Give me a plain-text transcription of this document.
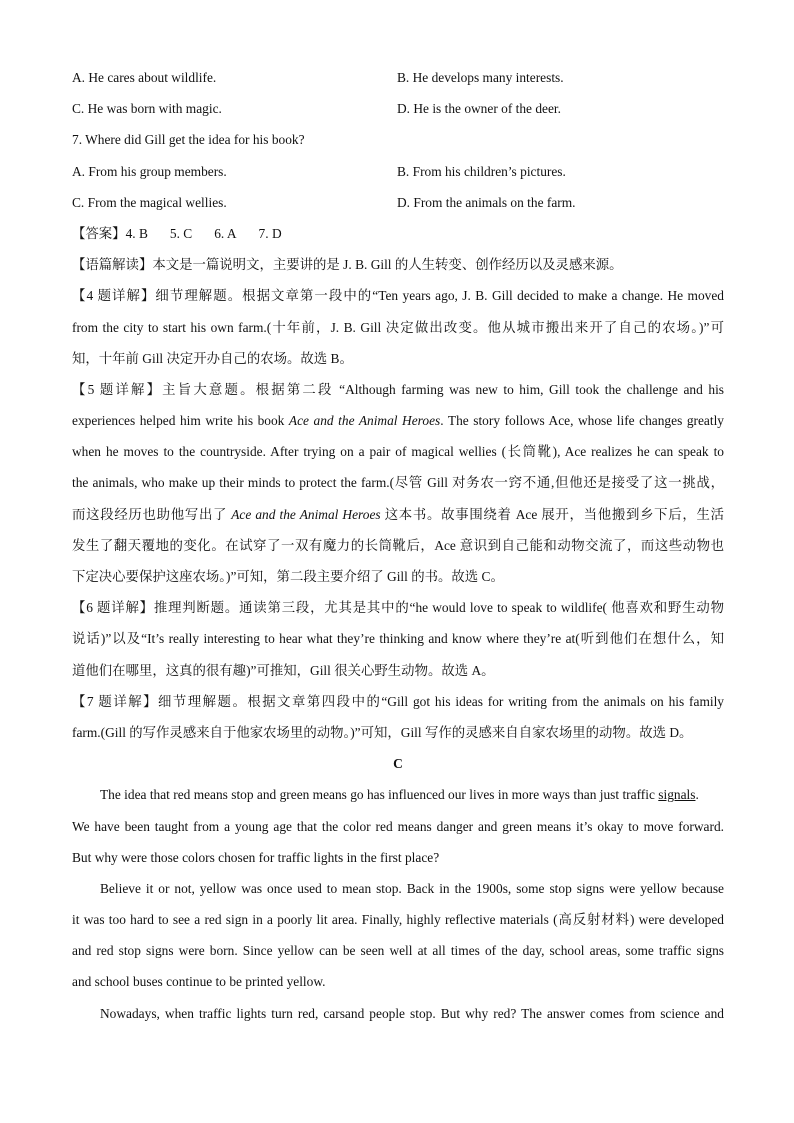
A. He cares about wildlife.	B. He develops many interests.
C. He was born with magic.	D. He is the owner of the deer.
7. Where did Gill get the idea for his book?
A. From his group members.	B. From his children’s pictures.
C. From the magical wellies.	D. From the animals on the farm.
【答案】4. B 5. C 6. A 7. D
【语篇解读】本文是一篇说明文，主要讲的是 J. B. Gill 的人生转变、创作经历以及灵感来源。
【4 题详解】细节理解题。根据文章第一段中的“Ten years ago, J. B. Gill decided to make a change. He moved
from the city to start his own farm.(十年前，J. B. Gill 决定做出改变。他从城市搬出来开了自己的农场。)”可
知，十年前 Gill 决定开办自己的农场。故选 B。
【5 题详解】主旨大意题。根据第二段 “Although farming was new to him, Gill took the challenge and his
experiences helped him write his book Ace and the Animal Heroes. The story follows Ace, whose life changes greatly
when he moves to the countryside. After trying on a pair of magical wellies (长筒靴), Ace realizes he can speak to
the animals, who make up their minds to protect the farm.(尽管 Gill 对务农一窍不通,但他还是接受了这一挑战，
而这段经历也助他写出了 Ace and the Animal Heroes 这本书。故事围绕着 Ace 展开，当他搬到乡下后，生活
发生了翻天覆地的变化。在试穿了一双有魔力的长筒靴后，Ace 意识到自己能和动物交流了，而这些动物也
下定决心要保护这座农场。)”可知，第二段主要介绍了 Gill 的书。故选 C。
【6 题详解】推理判断题。通读第三段，尤其是其中的“he would love to speak to wildlife( 他喜欢和野生动物
说话)”以及“It’s really interesting to hear what they’re thinking and know where they’re at(听到他们在想什么，知
道他们在哪里，这真的很有趣)”可推知，Gill 很关心野生动物。故选 A。
【7 题详解】细节理解题。根据文章第四段中的“Gill got his ideas for writing from the animals on his family
farm.(Gill 的写作灵感来自于他家农场里的动物。)”可知，Gill 写作的灵感来自自家农场里的动物。故选 D。
C
The idea that red means stop and green means go has influenced our lives in more ways than just traffic signals.
We have been taught from a young age that the color red means danger and green means it’s okay to move forward.
But why were those colors chosen for traffic lights in the first place?
Believe it or not, yellow was once used to mean stop. Back in the 1900s, some stop signs were yellow because
it was too hard to see a red sign in a poorly lit area. Finally, highly reflective materials (高反射材料) were developed
and red stop signs were born. Since yellow can be seen well at all times of the day, school areas, some traffic signs
and school buses continue to be printed yellow.
Nowadays, when traffic lights turn red, carsand people stop. But why red? The answer comes from science and
